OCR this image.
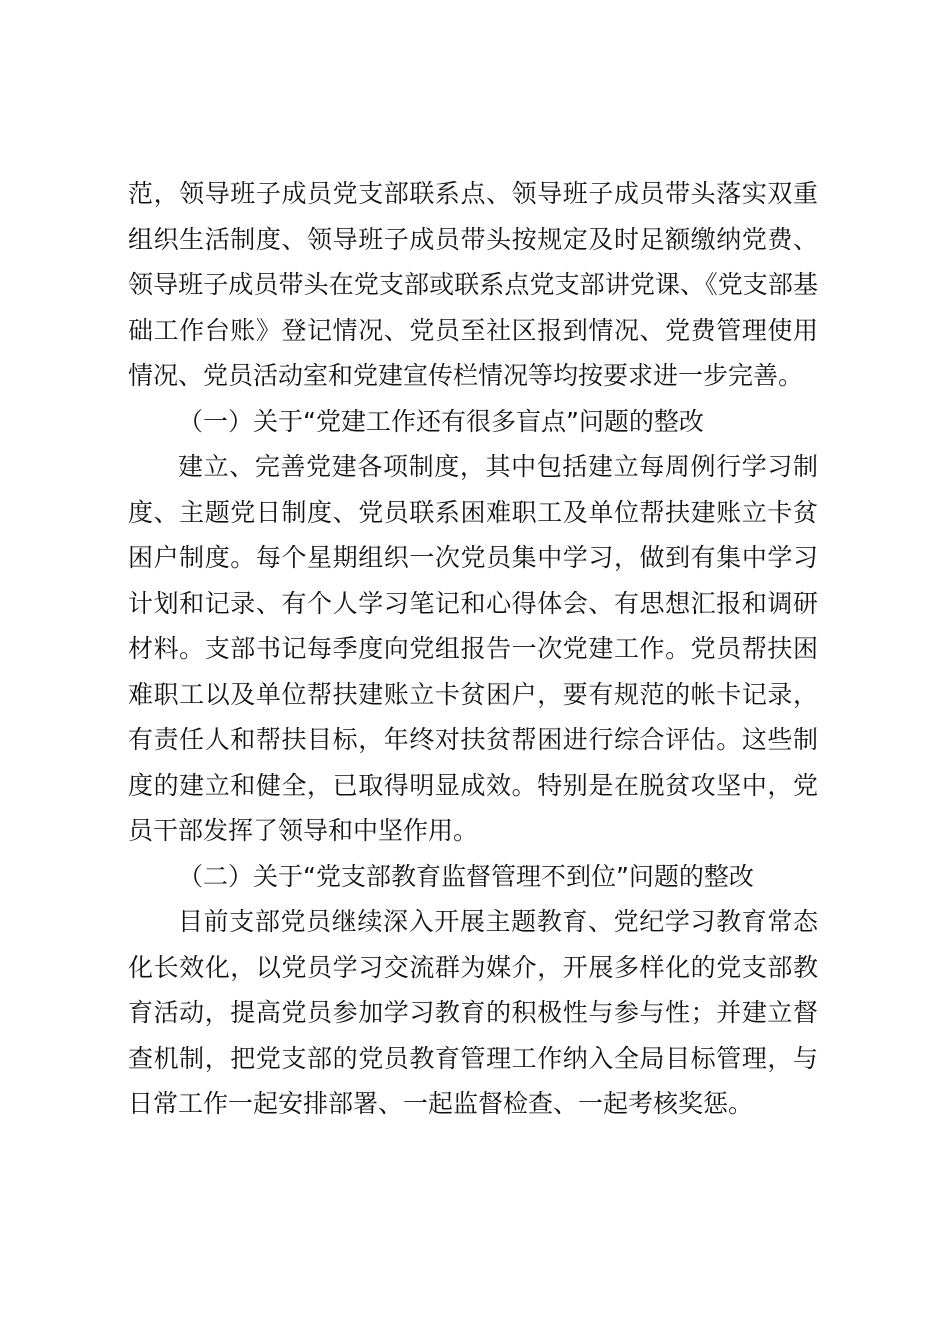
范，领导班子成员党支部联系点、领导班子成员带头落实双重组织生活制度、领导班子成员带头按规定及时足额缴纳党费、领导班子成员带头在党支部或联系点党支部讲党课、《党支部基础工作台账》登记情况、党员至社区报到情况、党费管理使用情况、党员活动室和党建宣传栏情况等均按要求进一步完善。

（一）关于“党建工作还有很多盲点”问题的整改

建立、完善党建各项制度，其中包括建立每周例行学习制度、主题党日制度、党员联系困难职工及单位帮扶建账立卡贫困户制度。每个星期组织一次党员集中学习，做到有集中学习计划和记录、有个人学习笔记和心得体会、有思想汇报和调研材料。支部书记每季度向党组报告一次党建工作。党员帮扶困难职工以及单位帮扶建账立卡贫困户，要有规范的帐卡记录，有责任人和帮扶目标，年终对扶贫帮困进行综合评估。这些制度的建立和健全，已取得明显成效。特别是在脱贫攻坚中，党员干部发挥了领导和中坚作用。

（二）关于“党支部教育监督管理不到位”问题的整改

目前支部党员继续深入开展主题教育、党纪学习教育常态化长效化，以党员学习交流群为媒介，开展多样化的党支部教育活动，提高党员参加学习教育的积极性与参与性；并建立督查机制，把党支部的党员教育管理工作纳入全局目标管理，与日常工作一起安排部署、一起监督检查、一起考核奖惩。
